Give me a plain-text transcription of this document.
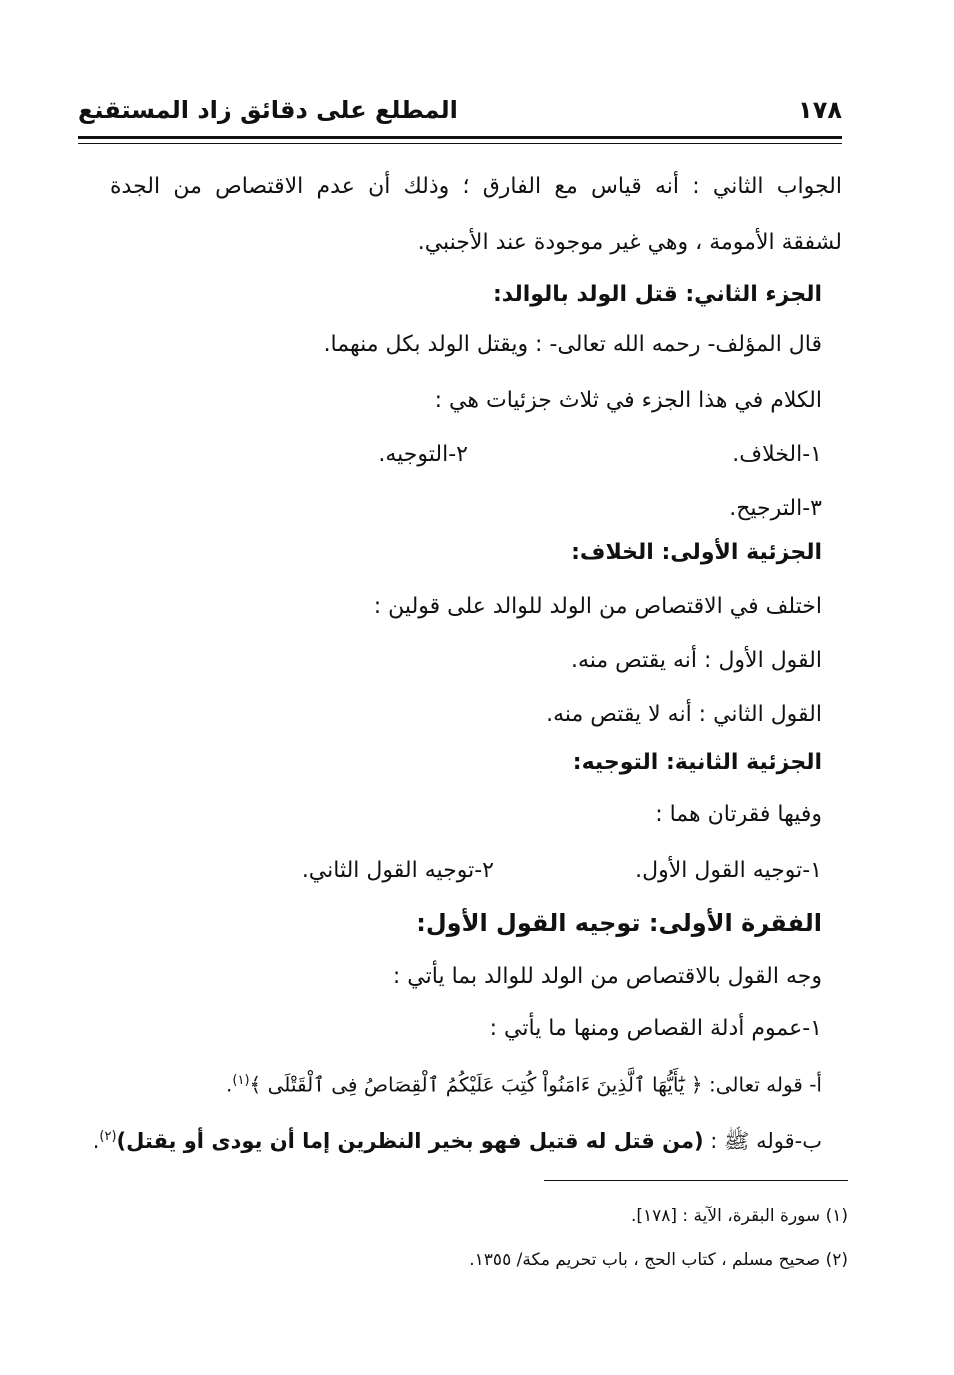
المطلع على دقائق زاد المستقنع	١٧٨
الجواب الثاني : أنه قياس مع الفارق ؛ وذلك أن عدم الاقتصاص من الجدة
لشفقة الأمومة ، وهي غير موجودة عند الأجنبي.
الجزء الثاني: قتل الولد بالوالد:
قال المؤلف- رحمه الله تعالى- : ويقتل الولد بكل منهما.
الكلام في هذا الجزء في ثلاث جزئيات هي :
١-الخلاف.
٢-التوجيه.
٣-الترجيح.
الجزئية الأولى: الخلاف:
اختلف في الاقتصاص من الولد للوالد على قولين :
القول الأول : أنه يقتص منه.
القول الثاني : أنه لا يقتص منه.
الجزئية الثانية: التوجيه:
وفيها فقرتان هما :
١-توجيه القول الأول.
٢-توجيه القول الثاني.
الفقرة الأولى: توجيه القول الأول:
وجه القول بالاقتصاص من الولد للوالد بما يأتي :
١-عموم أدلة القصاص ومنها ما يأتي :
أ- قوله تعالى: ﴿ يَٰٓأَيُّهَا ٱلَّذِينَ ءَامَنُواْ كُتِبَ عَلَيْكُمُ ٱلْقِصَاصُ فِى ٱلْقَتْلَى ﴾$^{(١)}$.
ب-قوله ﷺ : (من قتل له قتيل فهو بخير النظرين إما أن يودى أو يقتل)$^{(٢)}$.
(١) سورة البقرة، الآية : [١٧٨].
(٢) صحيح مسلم ، كتاب الحج ، باب تحريم مكة/ ١٣٥٥.
